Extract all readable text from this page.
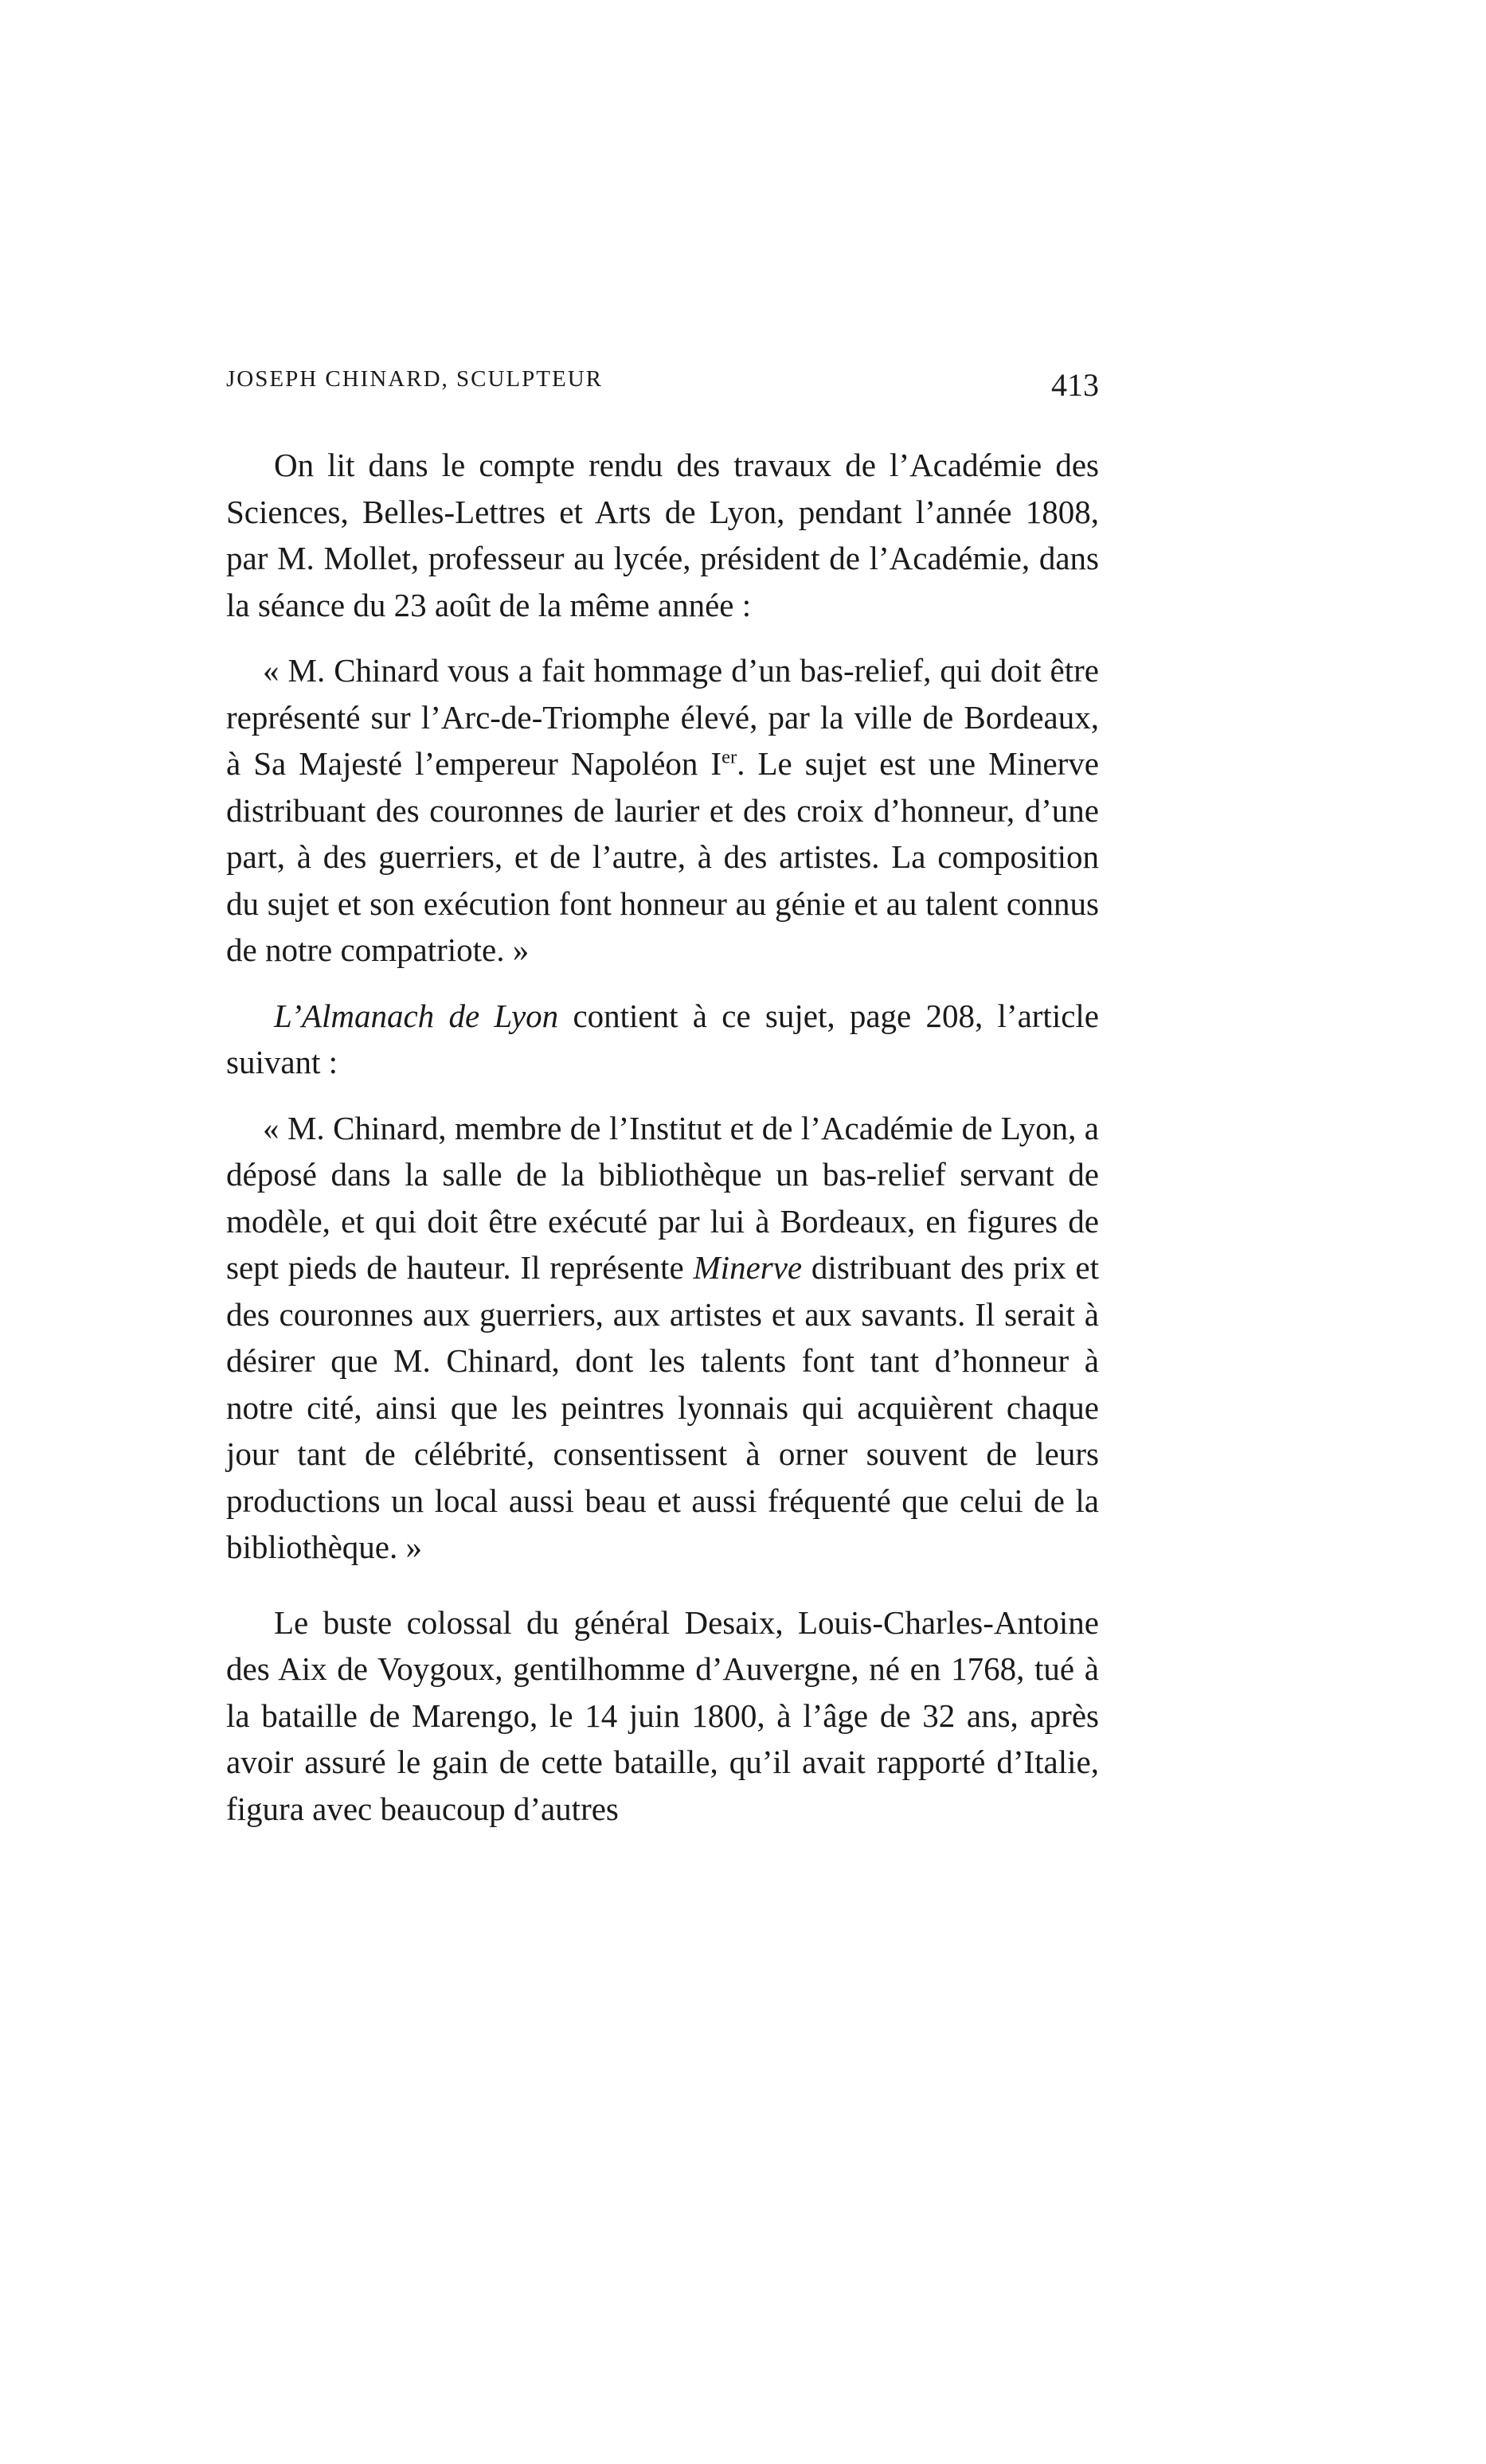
JOSEPH CHINARD, SCULPTEUR	413

On lit dans le compte rendu des travaux de l’Académie des Sciences, Belles-Lettres et Arts de Lyon, pendant l’année 1808, par M. Mollet, professeur au lycée, président de l’Académie, dans la séance du 23 août de la même année :

« M. Chinard vous a fait hommage d’un bas-relief, qui doit être représenté sur l’Arc-de-Triomphe élevé, par la ville de Bordeaux, à Sa Majesté l’empereur Napoléon Ier. Le sujet est une Minerve distribuant des couronnes de laurier et des croix d’honneur, d’une part, à des guerriers, et de l’autre, à des artistes. La composition du sujet et son exécution font honneur au génie et au talent connus de notre compatriote. »

L’Almanach de Lyon contient à ce sujet, page 208, l’article suivant :

« M. Chinard, membre de l’Institut et de l’Académie de Lyon, a déposé dans la salle de la bibliothèque un bas-relief servant de modèle, et qui doit être exécuté par lui à Bordeaux, en figures de sept pieds de hauteur. Il représente Minerve distribuant des prix et des couronnes aux guerriers, aux artistes et aux savants. Il serait à désirer que M. Chinard, dont les talents font tant d’honneur à notre cité, ainsi que les peintres lyonnais qui acquièrent chaque jour tant de célébrité, consentissent à orner souvent de leurs productions un local aussi beau et aussi fréquenté que celui de la bibliothèque. »

Le buste colossal du général Desaix, Louis-Charles-Antoine des Aix de Voygoux, gentilhomme d’Auvergne, né en 1768, tué à la bataille de Marengo, le 14 juin 1800, à l’âge de 32 ans, après avoir assuré le gain de cette bataille, qu’il avait rapporté d’Italie, figura avec beaucoup d’autres
